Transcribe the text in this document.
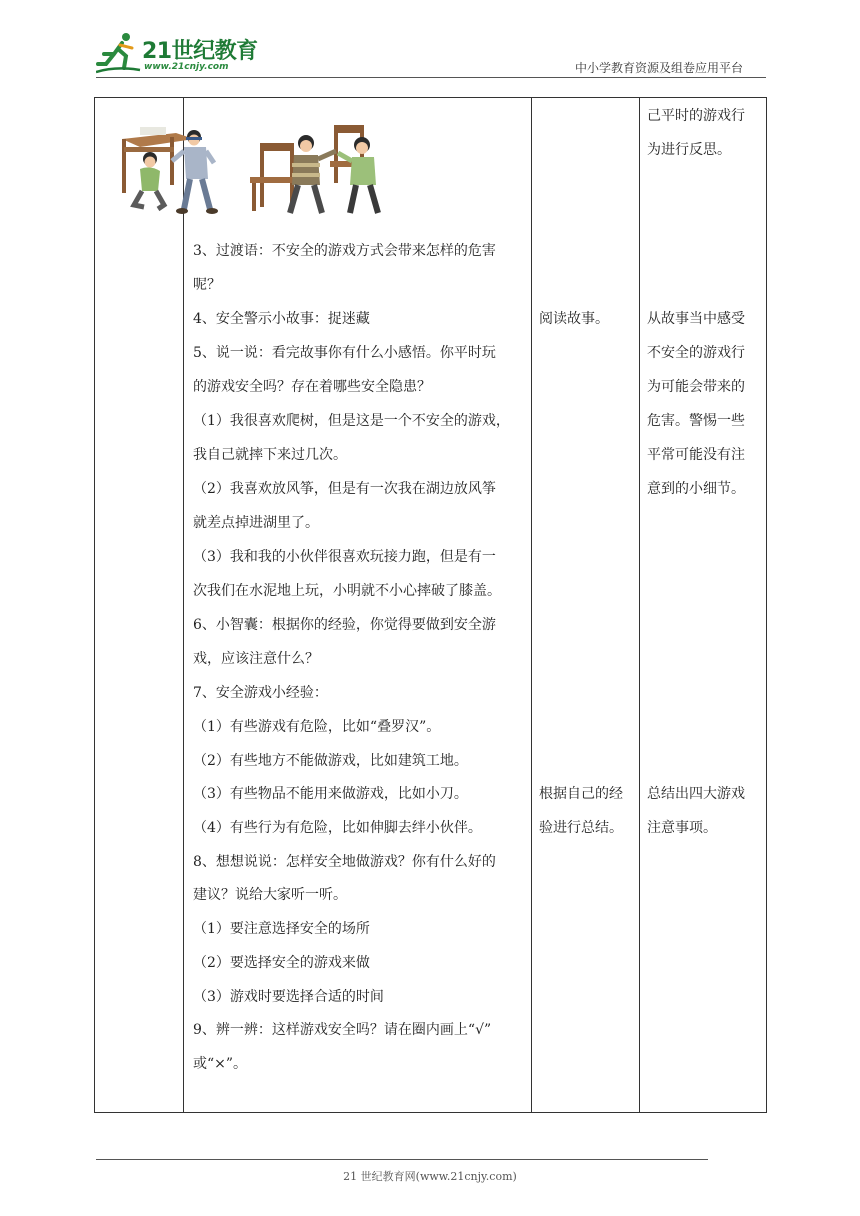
21世纪教育
www.21cnjy.com	中小学教育资源及组卷应用平台
3、过渡语：不安全的游戏方式会带来怎样的危害
呢？
4、安全警示小故事：捉迷藏
5、说一说：看完故事你有什么小感悟。你平时玩
的游戏安全吗？存在着哪些安全隐患？
（1）我很喜欢爬树，但是这是一个不安全的游戏，
我自己就摔下来过几次。
（2）我喜欢放风筝，但是有一次我在湖边放风筝
就差点掉进湖里了。
（3）我和我的小伙伴很喜欢玩接力跑，但是有一
次我们在水泥地上玩，小明就不小心摔破了膝盖。
6、小智囊：根据你的经验，你觉得要做到安全游
戏，应该注意什么？
7、安全游戏小经验：
（1）有些游戏有危险，比如“叠罗汉”。
（2）有些地方不能做游戏，比如建筑工地。
（3）有些物品不能用来做游戏，比如小刀。
（4）有些行为有危险，比如伸脚去绊小伙伴。
8、想想说说：怎样安全地做游戏？你有什么好的
建议？说给大家听一听。
（1）要注意选择安全的场所
（2）要选择安全的游戏来做
（3）游戏时要选择合适的时间
9、辨一辨：这样游戏安全吗？请在圈内画上“√”
或“×”。
阅读故事。
根据自己的经
验进行总结。
己平时的游戏行
为进行反思。
从故事当中感受
不安全的游戏行
为可能会带来的
危害。警惕一些
平常可能没有注
意到的小细节。
总结出四大游戏
注意事项。
21 世纪教育网(www.21cnjy.com)
